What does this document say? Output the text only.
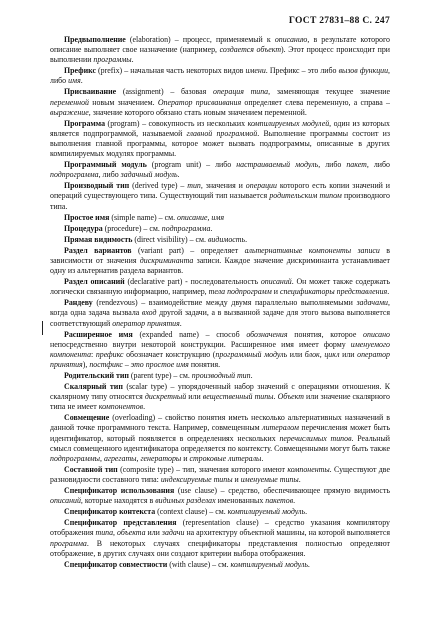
ГОСТ 27831–88 С. 247

Предвыполнение (elaboration) – процесс, применяемый к описанию, в результате которого описание выполняет свое назначение (например, создается объект). Этот процесс происходит при выполнении программы.

Префикс (prefix) – начальная часть некоторых видов имени. Префикс – это либо вызов функции, либо имя.

Присваивание (assignment) – базовая операция типа, заменяющая текущее значение переменной новым значением. Оператор присваивания определяет слева переменную, а справа – выражение, значение которого обязано стать новым значением переменной.

Программа (program) – совокупность из нескольких компилируемых модулей, один из которых является подпрограммой, называемой главной программой. Выполнение программы состоит из выполнения главной программы, которое может вызвать подпрограммы, описанные в других компилируемых модулях программы.

Программный модуль (program unit) – либо настраиваемый модуль, либо пакет, либо подпрограмма, либо задачный модуль.

Производный тип (derived type) – тип, значения и операции которого есть копии значений и операций существующего типа. Существующий тип называется родительским типом производного типа.

Простое имя (simple name) – см. описание, имя

Процедура (procedure) – см. подпрограмма.

Прямая видимость (direct visibility) – см. видимость.

Раздел вариантов (variant part) – определяет альтернативные компоненты записи в зависимости от значения дискриминанта записи. Каждое значение дискриминанта устанавливает одну из альтернатив раздела вариантов.

Раздел описаний (declarative part) - последовательность описаний. Он может также содержать логически связанную информацию, например, тела подпрограмм и спецификаторы представления.

Рандеву (rendezvous) – взаимодействие между двумя параллельно выполняемыми задачами, когда одна задача вызвала вход другой задачи, а в вызванной задаче для этого вызова выполняется соответствующий оператор принятия.

Расширенное имя (expanded name) – способ обозначения понятия, которое описано непосредственно внутри некоторой конструкции. Расширенное имя имеет форму именуемого компонента: префикс обозначает конструкцию (программный модуль или блок, цикл или оператор принятия), постфикс – это простое имя понятия.

Родительский тип (parent type) – см. производный тип.

Скалярный тип (scalar type) – упорядоченный набор значений с операциями отношения. К скалярному типу относятся дискретный или вещественный типы. Объект или значение скалярного типа не имеет компонентов.

Совмещение (overloading) – свойство понятия иметь несколько альтернативных назначений в данной точке программного текста. Например, совмещенным литералом перечисления может быть идентификатор, который появляется в определениях нескольких перечислимых типов. Реальный смысл совмещенного идентификатора определяется по контексту. Совмещенными могут быть также подпрограммы, агрегаты, генераторы и строковые литералы.

Составной тип (composite type) – тип, значения которого имеют компоненты. Существуют две разновидности составного типа: индексируемые типы и именуемые типы.

Спецификатор использования (use clause) – средство, обеспечивающее прямую видимость описаний, которые находятся в видимых разделах именованных пакетов.

Спецификатор контекста (context clause) – см. компилируемый модуль.

Спецификатор представления (representation clause) – средство указания компилятору отображения типа, объекта или задачи на архитектуру объектной машины, на которой выполняется программа. В некоторых случаях спецификаторы представления полностью определяют отображение, в других случаях они создают критерии выбора отображения.

Спецификатор совместности (with clause) – см. компилируемый модуль.
